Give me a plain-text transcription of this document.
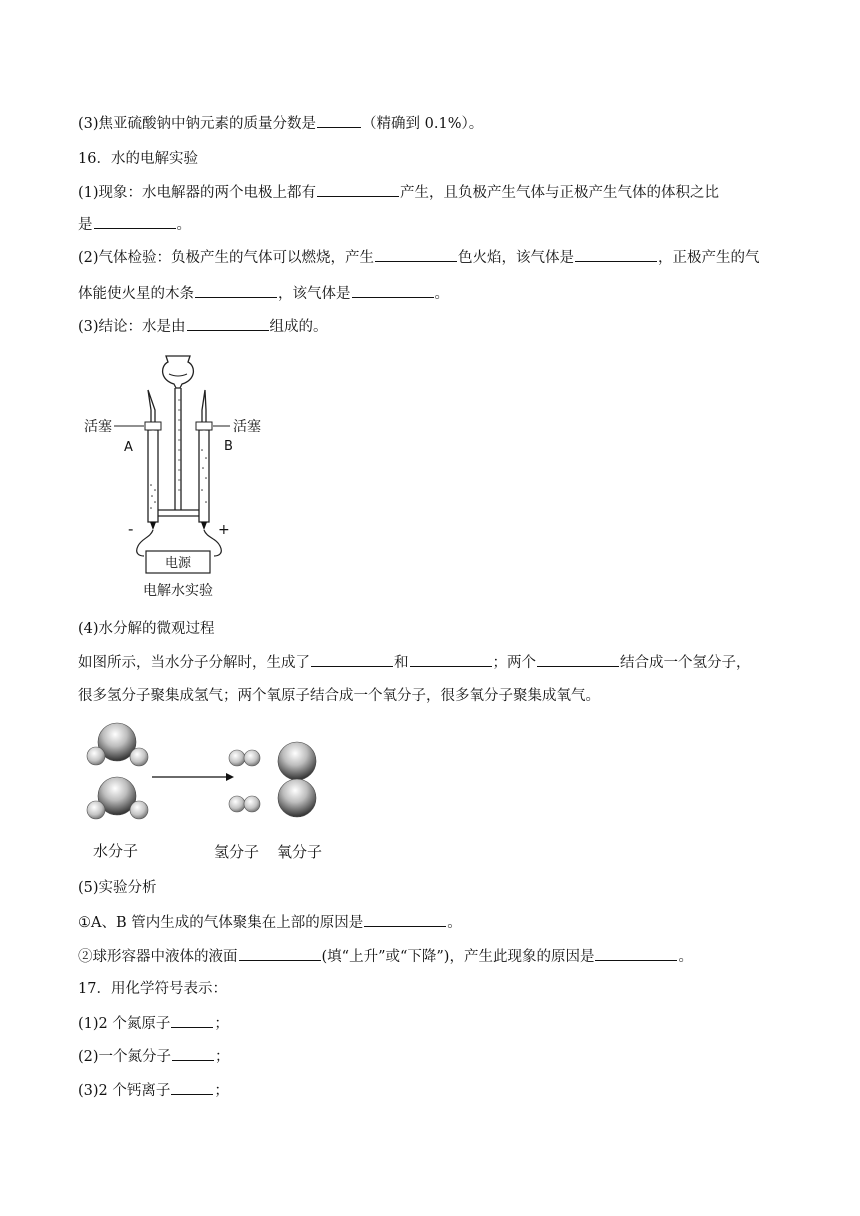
(3)焦亚硫酸钠中钠元素的质量分数是	（精确到 0.1%）。
16．水的电解实验
(1)现象：水电解器的两个电极上都有	产生，且负极产生气体与正极产生气体的体积之比
是	。
(2)气体检验：负极产生的气体可以燃烧，产生	色火焰，该气体是	，正极产生的气
体能使火星的木条	，该气体是	。
(3)结论：水是由	组成的。
活塞	活塞
A	B
-	+
电源
电解水实验
(4)水分解的微观过程
如图所示，当水分子分解时，生成了	和	；两个	结合成一个氢分子，
很多氢分子聚集成氢气；两个氧原子结合成一个氧分子，很多氧分子聚集成氧气。
水分子	氢分子 氧分子
(5)实验分析
①A、B 管内生成的气体聚集在上部的原因是	。
②球形容器中液体的液面	(填“上升”或“下降”)，产生此现象的原因是	。
17．用化学符号表示：
(1)2 个氮原子	；
(2)一个氮分子	；
(3)2 个钙离子	；
